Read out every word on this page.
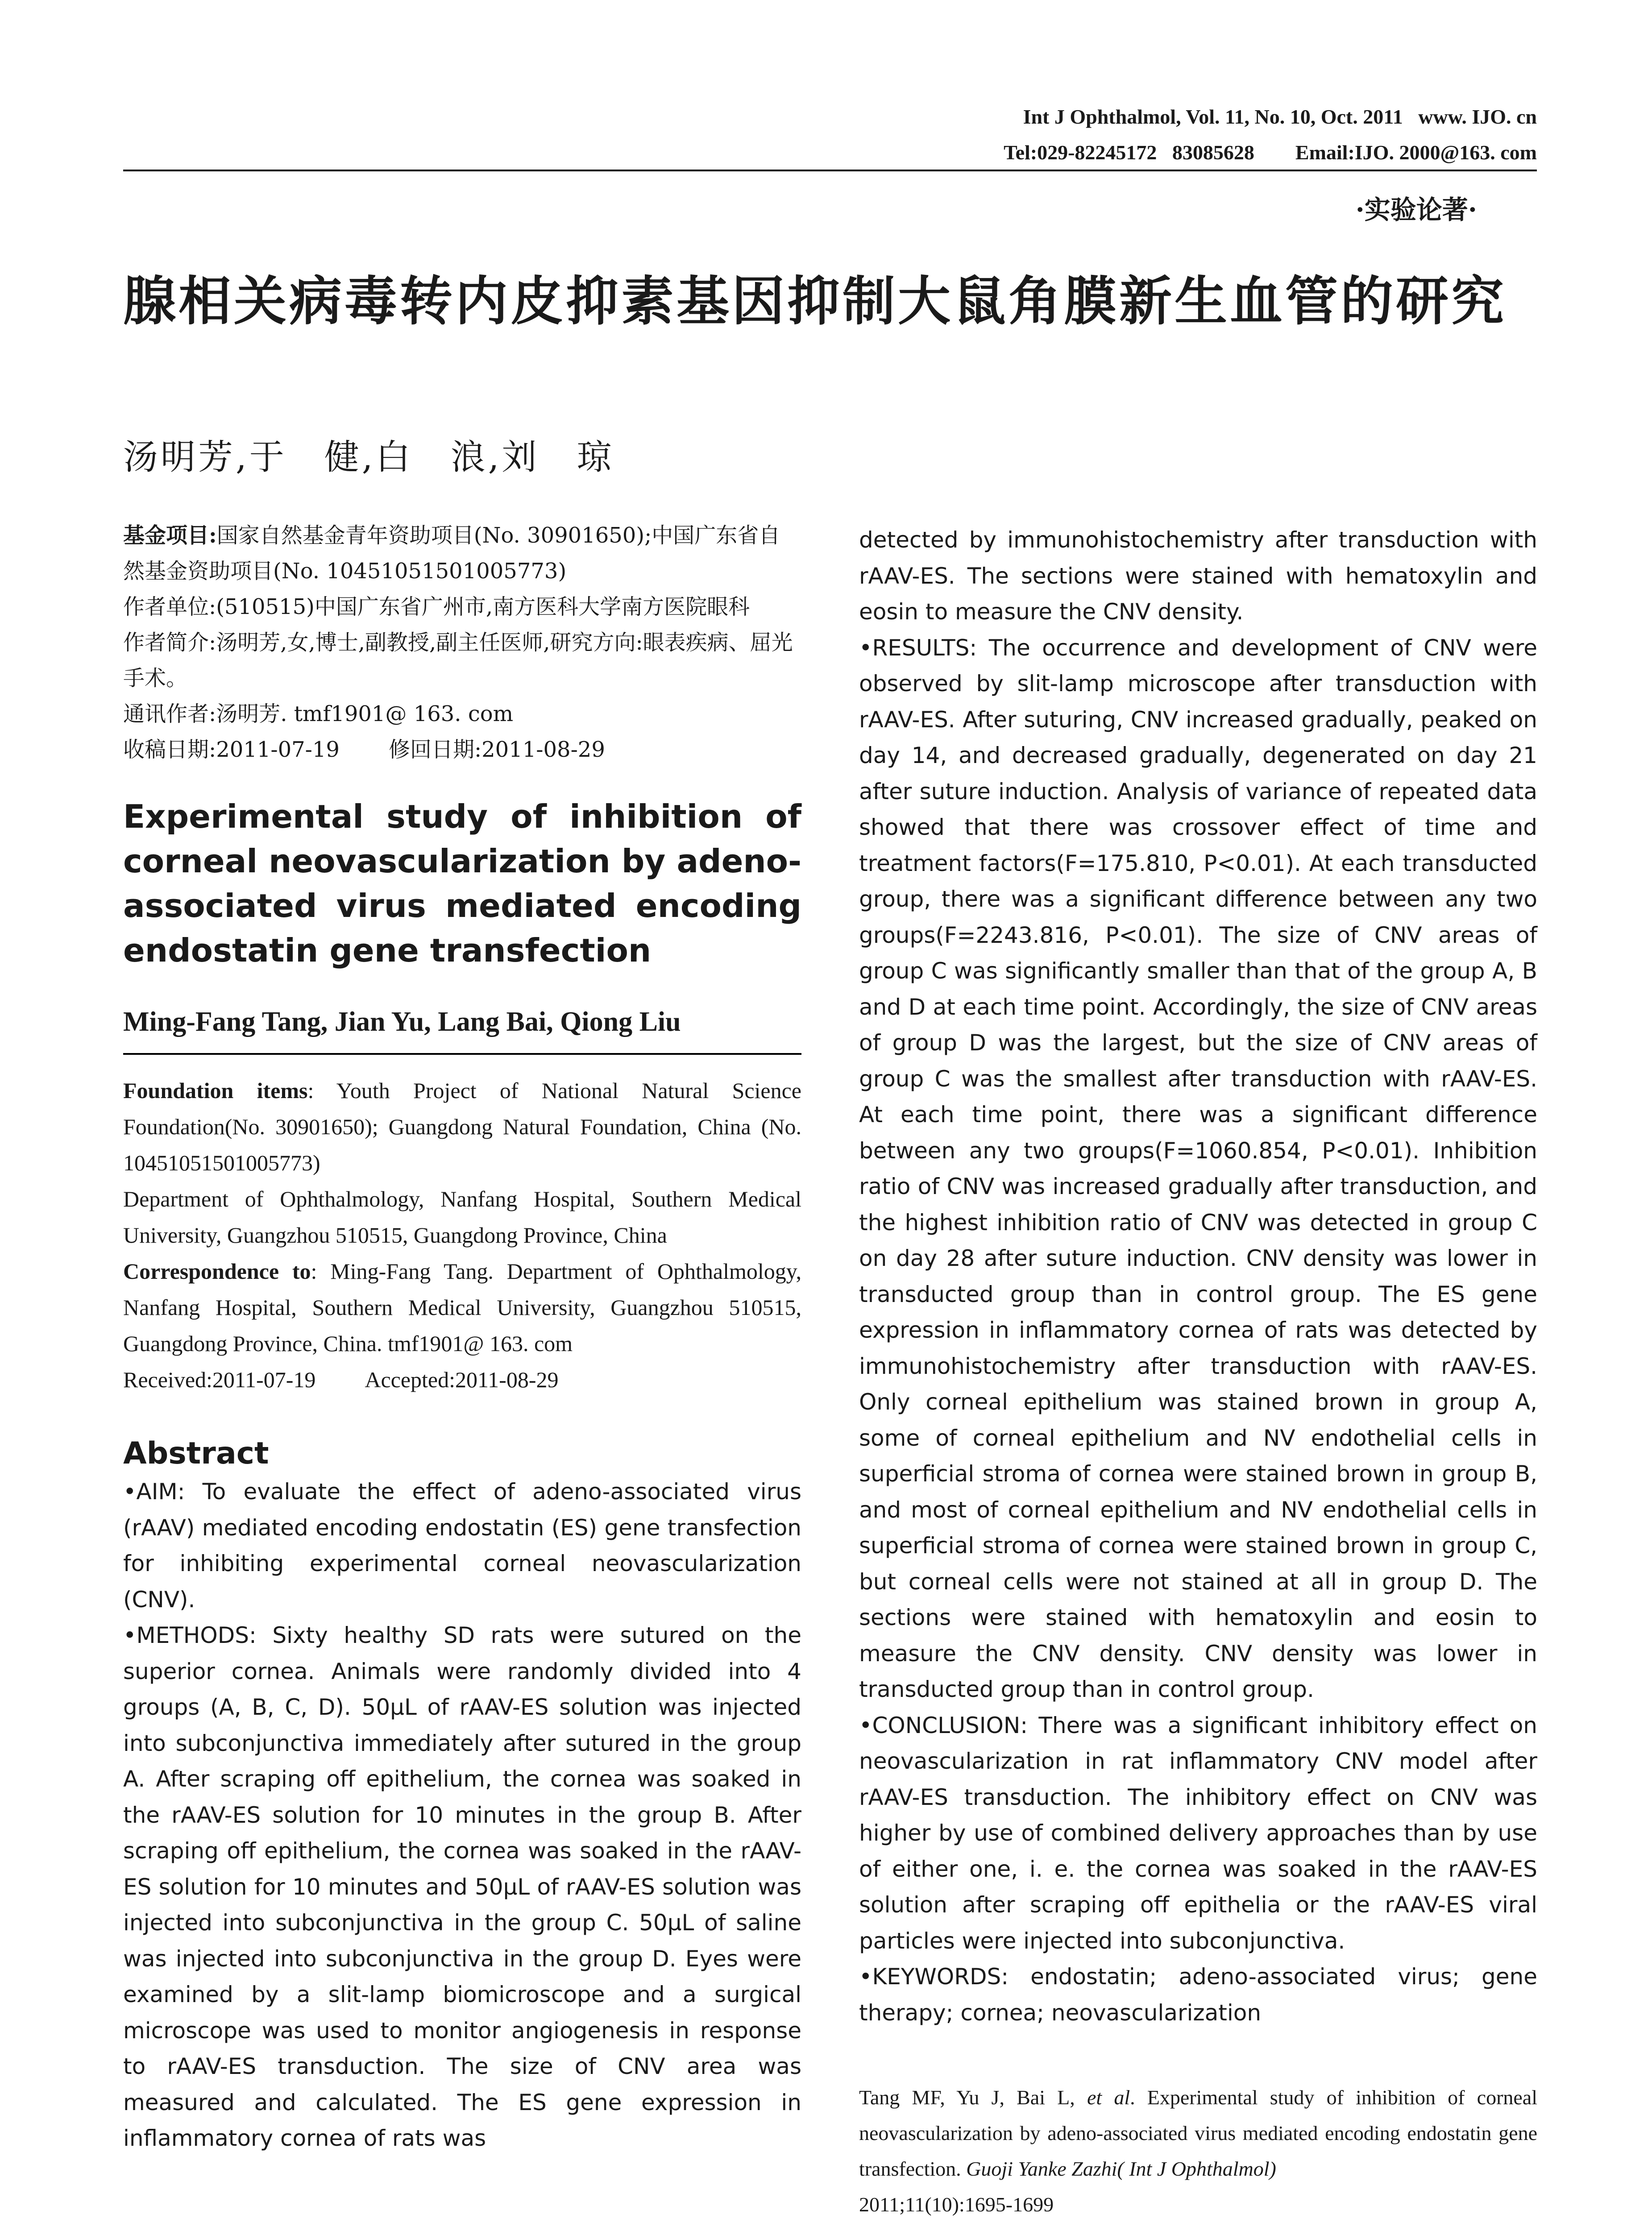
Int J Ophthalmol, Vol. 11, No. 10, Oct. 2011   www. IJO. cn
Tel:029-82245172   83085628        Email:IJO. 2000@163. com
·实验论著·
腺相关病毒转内皮抑素基因抑制大鼠角膜新生血管的研究
汤明芳,于　健,白　浪,刘　琼
基金项目:国家自然基金青年资助项目(No. 30901650);中国广东省自然基金资助项目(No. 10451051501005773)
作者单位:(510515)中国广东省广州市,南方医科大学南方医院眼科
作者简介:汤明芳,女,博士,副教授,副主任医师,研究方向:眼表疾病、屈光手术。
通讯作者:汤明芳. tmf1901@ 163. com
收稿日期:2011-07-19 修回日期:2011-08-29
Experimental study of inhibition of corneal neovascularization by adeno-associated virus mediated encoding endostatin gene transfection
Ming-Fang Tang, Jian Yu, Lang Bai, Qiong Liu
Foundation items: Youth Project of National Natural Science Foundation(No. 30901650); Guangdong Natural Foundation, China (No. 10451051501005773)
Department of Ophthalmology, Nanfang Hospital, Southern Medical University, Guangzhou 510515, Guangdong Province, China
Correspondence to: Ming-Fang Tang. Department of Ophthalmology, Nanfang Hospital, Southern Medical University, Guangzhou 510515, Guangdong Province, China. tmf1901@ 163. com
Received:2011-07-19 Accepted:2011-08-29
Abstract

•AIM: To evaluate the effect of adeno-associated virus (rAAV) mediated encoding endostatin (ES) gene transfection for inhibiting experimental corneal neovascularization (CNV).

•METHODS: Sixty healthy SD rats were sutured on the superior cornea. Animals were randomly divided into 4 groups (A, B, C, D). 50μL of rAAV-ES solution was injected into subconjunctiva immediately after sutured in the group A. After scraping off epithelium, the cornea was soaked in the rAAV-ES solution for 10 minutes in the group B. After scraping off epithelium, the cornea was soaked in the rAAV-ES solution for 10 minutes and 50μL of rAAV-ES solution was injected into subconjunctiva in the group C. 50μL of saline was injected into subconjunctiva in the group D. Eyes were examined by a slit-lamp biomicroscope and a surgical microscope was used to monitor angiogenesis in response to rAAV-ES transduction. The size of CNV area was measured and calculated. The ES gene expression in inflammatory cornea of rats was

detected by immunohistochemistry after transduction with rAAV-ES. The sections were stained with hematoxylin and eosin to measure the CNV density.

•RESULTS: The occurrence and development of CNV were observed by slit-lamp microscope after transduction with rAAV-ES. After suturing, CNV increased gradually, peaked on day 14, and decreased gradually, degenerated on day 21 after suture induction. Analysis of variance of repeated data showed that there was crossover effect of time and treatment factors(F=175.810, P<0.01). At each transducted group, there was a significant difference between any two groups(F=2243.816, P<0.01). The size of CNV areas of group C was significantly smaller than that of the group A, B and D at each time point. Accordingly, the size of CNV areas of group D was the largest, but the size of CNV areas of group C was the smallest after transduction with rAAV-ES. At each time point, there was a significant difference between any two groups(F=1060.854, P<0.01). Inhibition ratio of CNV was increased gradually after transduction, and the highest inhibition ratio of CNV was detected in group C on day 28 after suture induction. CNV density was lower in transducted group than in control group. The ES gene expression in inflammatory cornea of rats was detected by immunohistochemistry after transduction with rAAV-ES. Only corneal epithelium was stained brown in group A, some of corneal epithelium and NV endothelial cells in superficial stroma of cornea were stained brown in group B, and most of corneal epithelium and NV endothelial cells in superficial stroma of cornea were stained brown in group C, but corneal cells were not stained at all in group D. The sections were stained with hematoxylin and eosin to measure the CNV density. CNV density was lower in transducted group than in control group.

•CONCLUSION: There was a significant inhibitory effect on neovascularization in rat inflammatory CNV model after rAAV-ES transduction. The inhibitory effect on CNV was higher by use of combined delivery approaches than by use of either one, i. e. the cornea was soaked in the rAAV-ES solution after scraping off epithelia or the rAAV-ES viral particles were injected into subconjunctiva.

•KEYWORDS: endostatin; adeno-associated virus; gene therapy; cornea; neovascularization

Tang MF, Yu J, Bai L, et al. Experimental study of inhibition of corneal neovascularization by adeno-associated virus mediated encoding endostatin gene transfection. Guoji Yanke Zazhi( Int J Ophthalmol)
2011;11(10):1695-1699
